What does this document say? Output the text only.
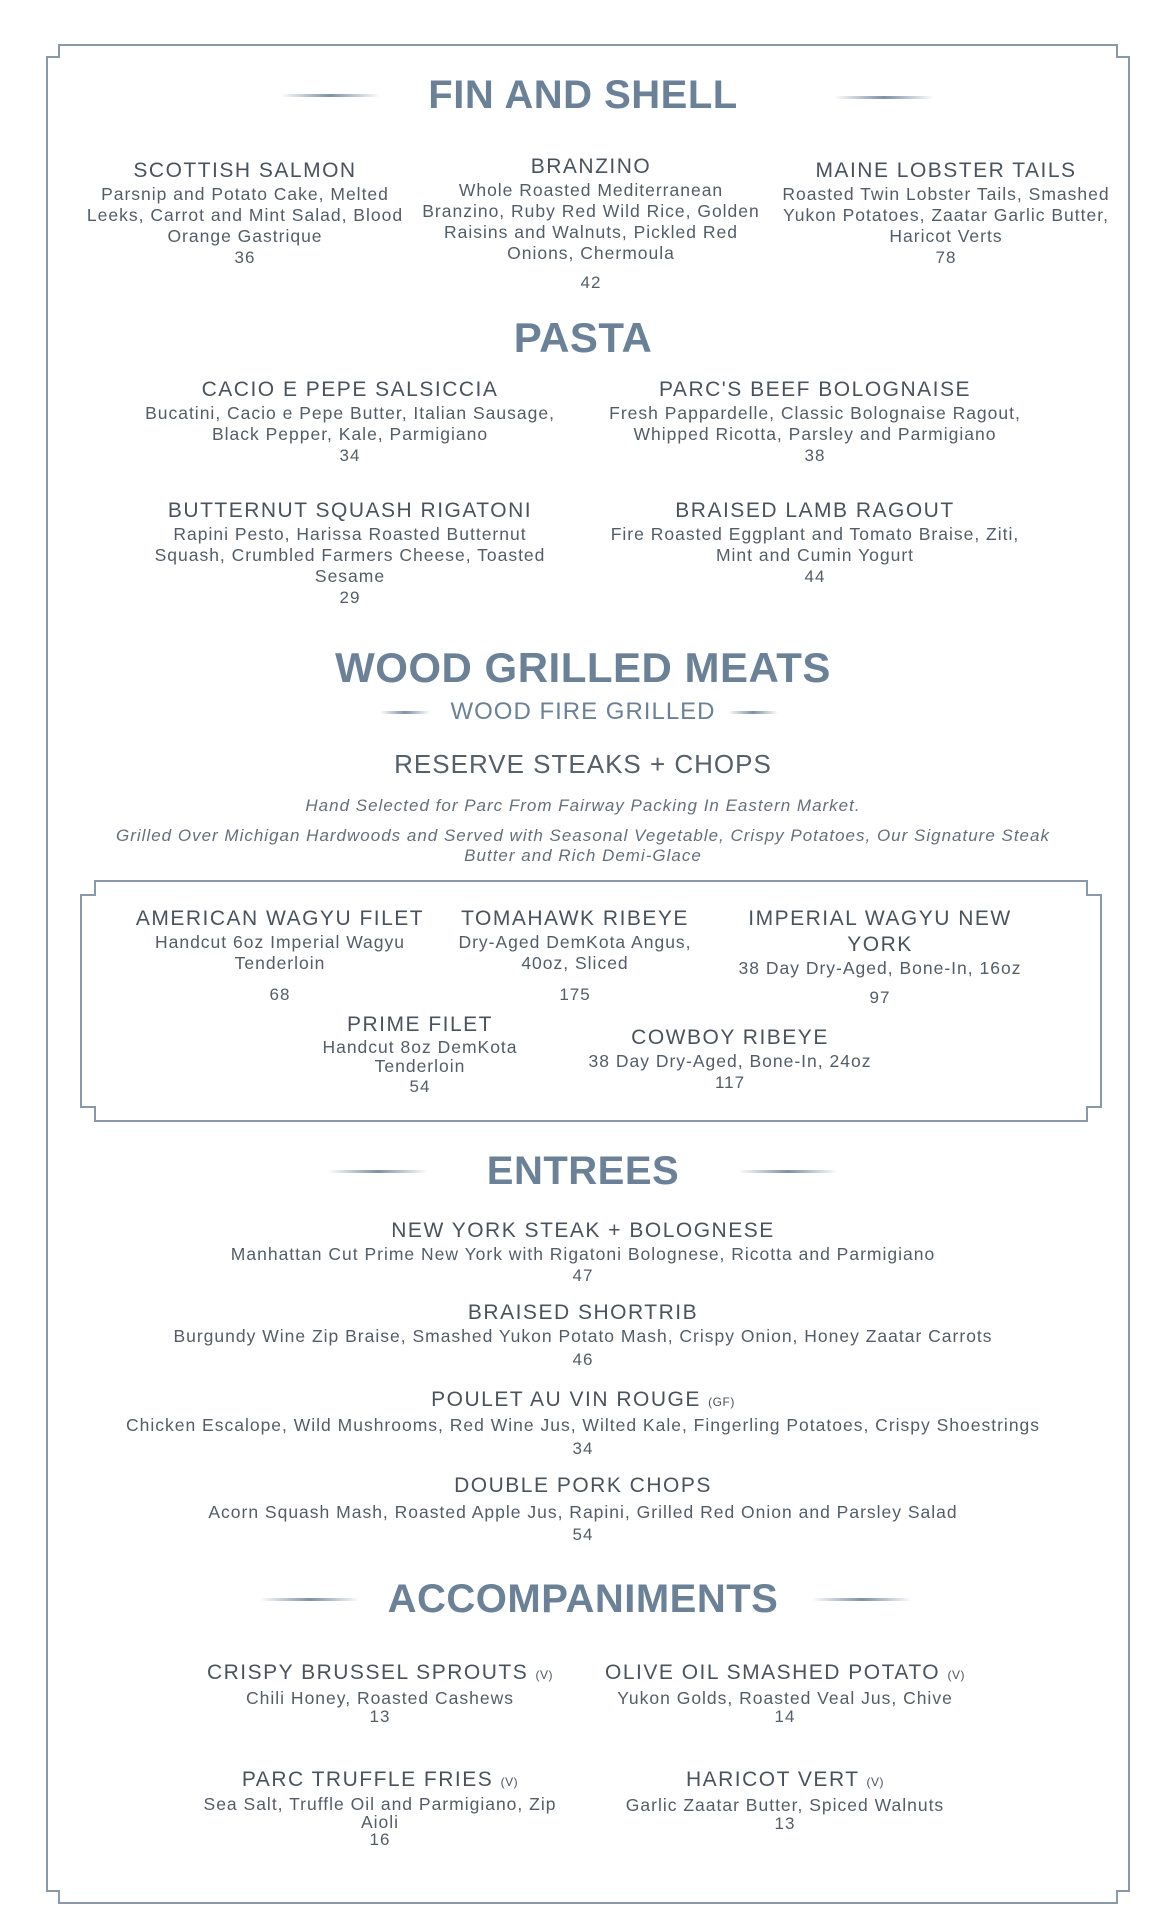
FIN AND SHELL
SCOTTISH SALMON
Parsnip and Potato Cake, Melted Leeks, Carrot and Mint Salad, Blood Orange Gastrique
36
BRANZINO
Whole Roasted Mediterranean Branzino, Ruby Red Wild Rice, Golden Raisins and Walnuts, Pickled Red Onions, Chermoula
42
MAINE LOBSTER TAILS
Roasted Twin Lobster Tails, Smashed Yukon Potatoes, Zaatar Garlic Butter, Haricot Verts
78
PASTA
CACIO E PEPE SALSICCIA
Bucatini, Cacio e Pepe Butter, Italian Sausage, Black Pepper, Kale, Parmigiano
34
PARC'S BEEF BOLOGNAISE
Fresh Pappardelle, Classic Bolognaise Ragout, Whipped Ricotta, Parsley and Parmigiano
38
BUTTERNUT SQUASH RIGATONI
Rapini Pesto, Harissa Roasted Butternut Squash, Crumbled Farmers Cheese, Toasted Sesame
29
BRAISED LAMB RAGOUT
Fire Roasted Eggplant and Tomato Braise, Ziti, Mint and Cumin Yogurt
44
WOOD GRILLED MEATS
WOOD FIRE GRILLED
RESERVE STEAKS + CHOPS
Hand Selected for Parc From Fairway Packing In Eastern Market.
Grilled Over Michigan Hardwoods and Served with Seasonal Vegetable, Crispy Potatoes, Our Signature Steak Butter and Rich Demi-Glace
AMERICAN WAGYU FILET
Handcut 6oz Imperial Wagyu Tenderloin
68
TOMAHAWK RIBEYE
Dry-Aged DemKota Angus, 40oz, Sliced
175
IMPERIAL WAGYU NEW YORK
38 Day Dry-Aged, Bone-In, 16oz
97
PRIME FILET
Handcut 8oz DemKota Tenderloin
54
COWBOY RIBEYE
38 Day Dry-Aged, Bone-In, 24oz
117
ENTREES
NEW YORK STEAK + BOLOGNESE
Manhattan Cut Prime New York with Rigatoni Bolognese, Ricotta and Parmigiano
47
BRAISED SHORTRIB
Burgundy Wine Zip Braise, Smashed Yukon Potato Mash, Crispy Onion, Honey Zaatar Carrots
46
POULET AU VIN ROUGE (GF)
Chicken Escalope, Wild Mushrooms, Red Wine Jus, Wilted Kale, Fingerling Potatoes, Crispy Shoestrings
34
DOUBLE PORK CHOPS
Acorn Squash Mash, Roasted Apple Jus, Rapini, Grilled Red Onion and Parsley Salad
54
ACCOMPANIMENTS
CRISPY BRUSSEL SPROUTS (V)
Chili Honey, Roasted Cashews
13
OLIVE OIL SMASHED POTATO (V)
Yukon Golds, Roasted Veal Jus, Chive
14
PARC TRUFFLE FRIES (V)
Sea Salt, Truffle Oil and Parmigiano, Zip Aioli
16
HARICOT VERT (V)
Garlic Zaatar Butter, Spiced Walnuts
13
